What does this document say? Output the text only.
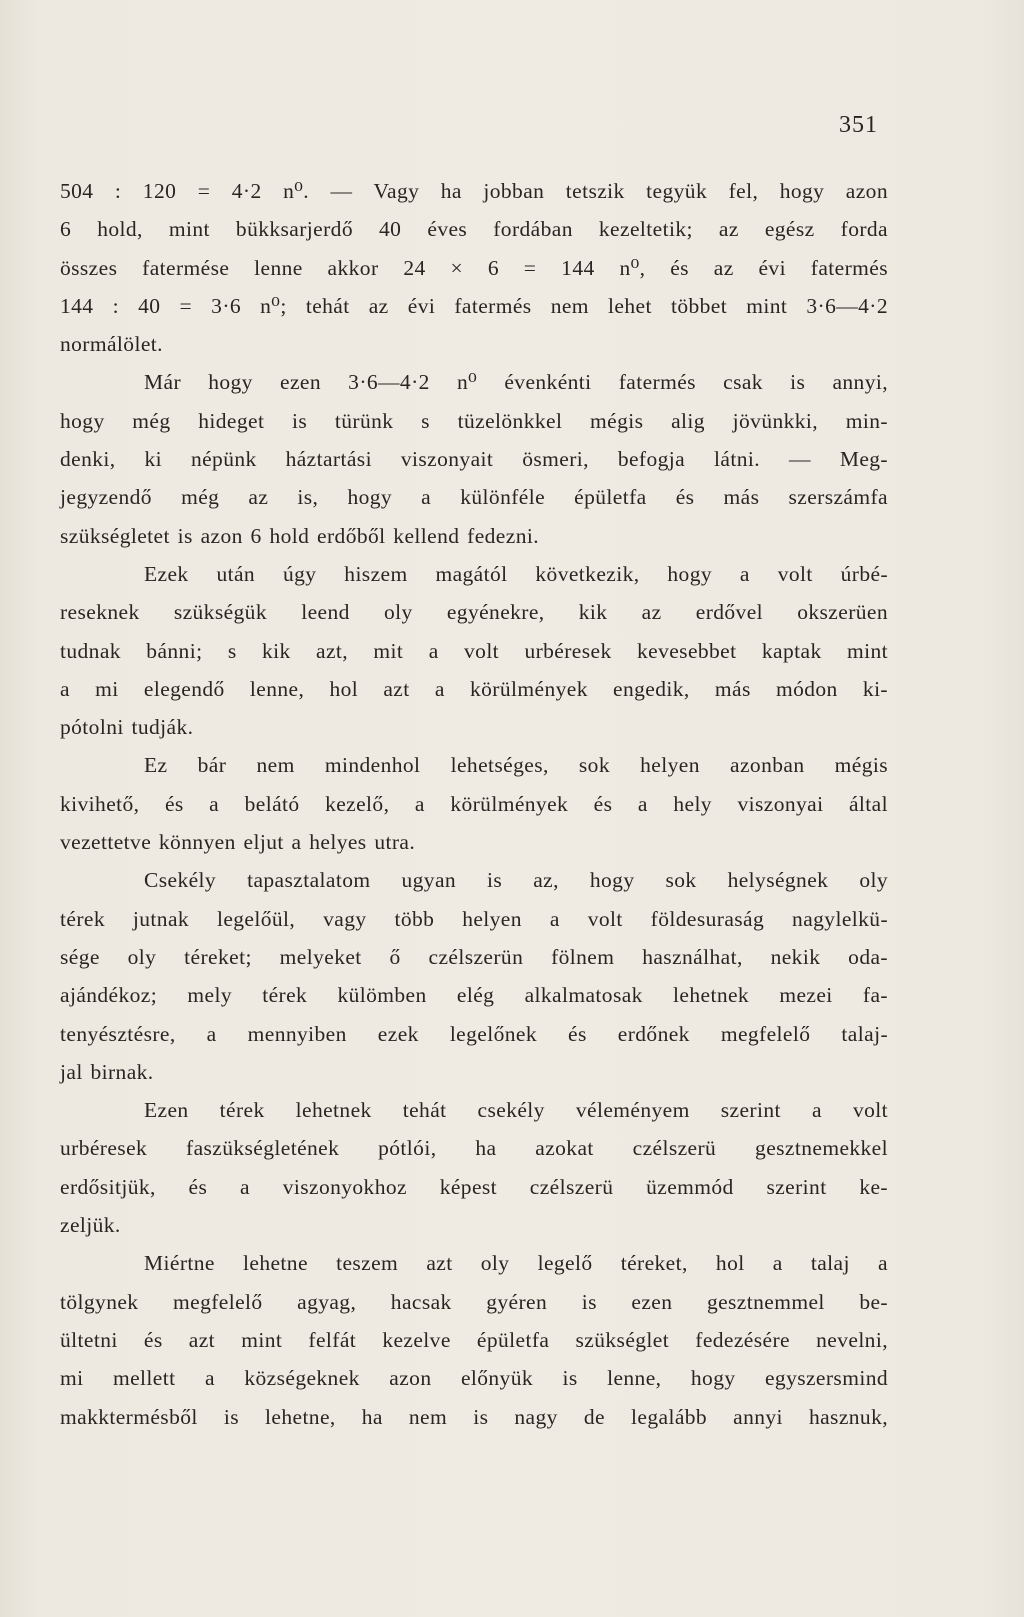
351
504 : 120 = 4·2 n⁰. — Vagy ha jobban tetszik tegyük fel, hogy azon
6 hold, mint bükksarjerdő 40 éves fordában kezeltetik; az egész forda
összes fatermése lenne akkor 24 × 6 = 144 n⁰, és az évi fatermés
144 : 40 = 3·6 n⁰; tehát az évi fatermés nem lehet többet mint 3·6—4·2
normálölet.
Már hogy ezen 3·6—4·2 n⁰ évenkénti fatermés csak is annyi,
hogy még hideget is türünk s tüzelönkkel mégis alig jövünkki, min-
denki, ki népünk háztartási viszonyait ösmeri, befogja látni. — Meg-
jegyzendő még az is, hogy a különféle épületfa és más szerszámfa
szükségletet is azon 6 hold erdőből kellend fedezni.
Ezek után úgy hiszem magától következik, hogy a volt úrbé-
reseknek szükségük leend oly egyénekre, kik az erdővel okszerüen
tudnak bánni; s kik azt, mit a volt urbéresek kevesebbet kaptak mint
a mi elegendő lenne, hol azt a körülmények engedik, más módon ki-
pótolni tudják.
Ez bár nem mindenhol lehetséges, sok helyen azonban mégis
kivihető, és a belátó kezelő, a körülmények és a hely viszonyai által
vezettetve könnyen eljut a helyes utra.
Csekély tapasztalatom ugyan is az, hogy sok helységnek oly
térek jutnak legelőül, vagy több helyen a volt földesuraság nagylelkü-
sége oly téreket; melyeket ő czélszerün fölnem használhat, nekik oda-
ajándékoz; mely térek külömben elég alkalmatosak lehetnek mezei fa-
tenyésztésre, a mennyiben ezek legelőnek és erdőnek megfelelő talaj-
jal birnak.
Ezen térek lehetnek tehát csekély véleményem szerint a volt
urbéresek faszükségletének pótlói, ha azokat czélszerü gesztnemekkel
erdősitjük, és a viszonyokhoz képest czélszerü üzemmód szerint ke-
zeljük.
Miértne lehetne teszem azt oly legelő téreket, hol a talaj a
tölgynek megfelelő agyag, hacsak gyéren is ezen gesztnemmel be-
ültetni és azt mint felfát kezelve épületfa szükséglet fedezésére nevelni,
mi mellett a községeknek azon előnyük is lenne, hogy egyszersmind
makktermésből is lehetne, ha nem is nagy de legalább annyi hasznuk,
